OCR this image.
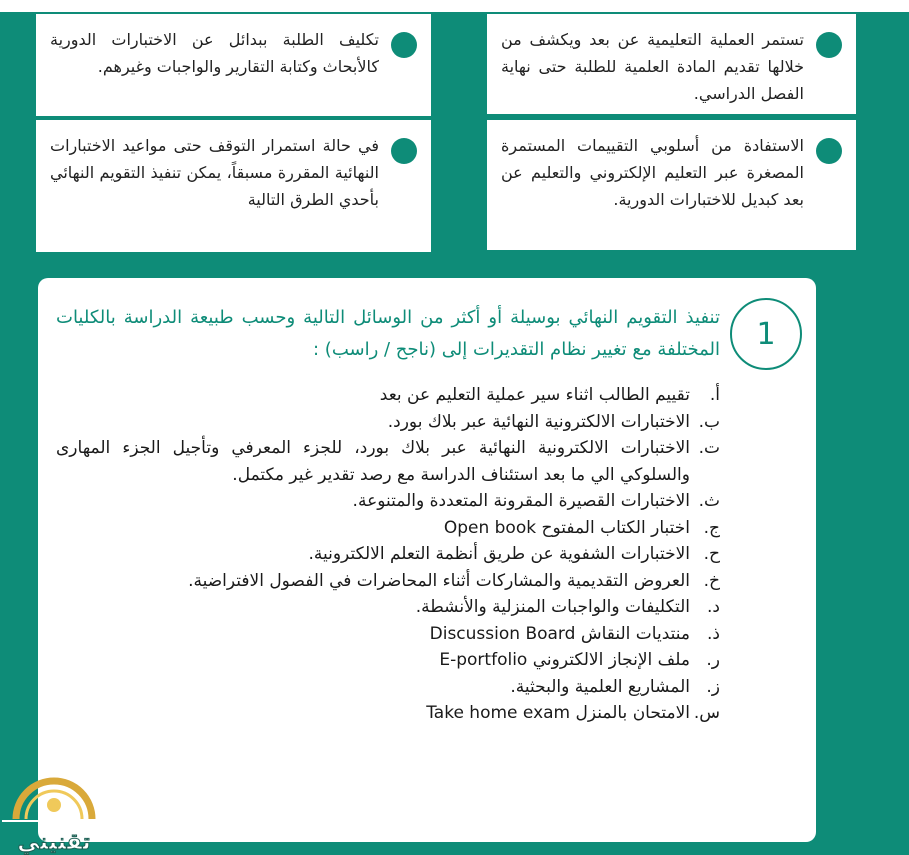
تستمر العملية التعليمية عن بعد ويكشف من خلالها تقديم المادة العلمية للطلبة حتى نهاية الفصل الدراسي.
تكليف الطلبة ببدائل عن الاختبارات الدورية كالأبحاث وكتابة التقارير والواجبات وغيرهم.
الاستفادة من أسلوبي التقييمات المستمرة المصغرة عبر التعليم الإلكتروني والتعليم عن بعد كبديل للاختبارات الدورية.
في حالة استمرار التوقف حتى مواعيد الاختبارات النهائية المقررة مسبقاً، يمكن تنفيذ التقويم النهائي بأحدي الطرق التالية
1
تنفيذ التقويم النهائي بوسيلة أو أكثر من الوسائل التالية وحسب طبيعة الدراسة بالكليات المختلفة مع تغيير نظام التقديرات إلى (ناجح / راسب) :
أ.
تقييم الطالب اثناء سير عملية التعليم عن بعد
ب.
الاختبارات الالكترونية النهائية عبر بلاك بورد.
ت.
الاختبارات الالكترونية النهائية عبر بلاك بورد، للجزء المعرفي وتأجيل الجزء المهارى والسلوكي الي ما بعد استئناف الدراسة مع رصد تقدير غير مكتمل.
ث.
الاختبارات القصيرة المقرونة المتعددة والمتنوعة.
ج.
اختبار الكتاب المفتوح Open book
ح.
الاختبارات الشفوية عن طريق أنظمة التعلم الالكترونية.
خ.
العروض التقديمية والمشاركات أثناء المحاضرات في الفصول الافتراضية.
د.
التكليفات والواجبات المنزلية والأنشطة.
ذ.
منتديات النقاش Discussion Board
ر.
ملف الإنجاز الالكتروني E-portfolio
ز.
المشاريع العلمية والبحثية.
س.
الامتحان بالمنزل Take home exam
تقنيني
